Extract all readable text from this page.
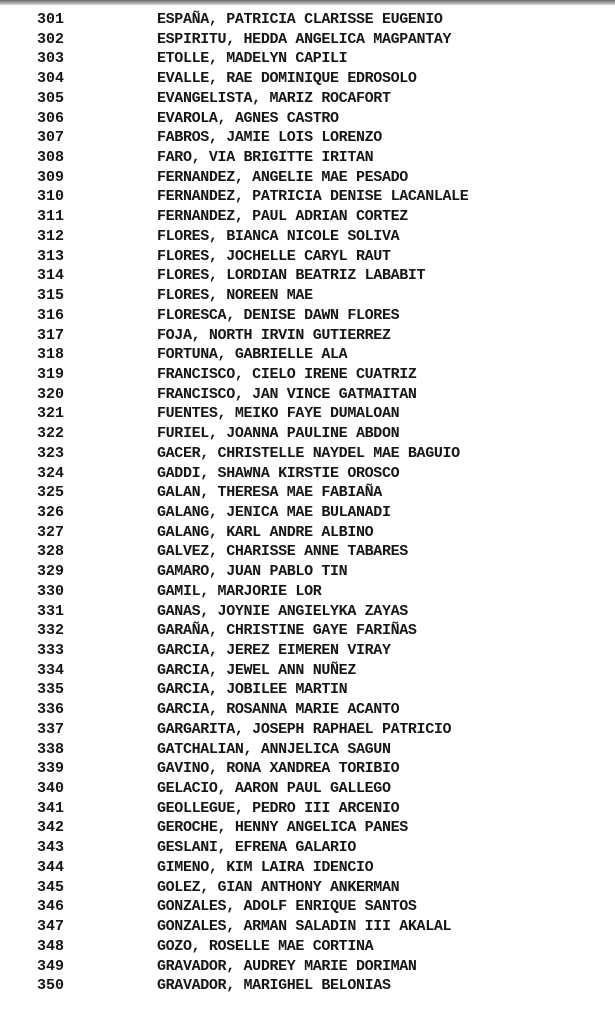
301	ESPAÑA, PATRICIA CLARISSE EUGENIO
302	ESPIRITU, HEDDA ANGELICA MAGPANTAY
303	ETOLLE, MADELYN CAPILI
304	EVALLE, RAE DOMINIQUE EDROSOLO
305	EVANGELISTA, MARIZ ROCAFORT
306	EVAROLA, AGNES CASTRO
307	FABROS, JAMIE LOIS LORENZO
308	FARO, VIA BRIGITTE IRITAN
309	FERNANDEZ, ANGELIE MAE PESADO
310	FERNANDEZ, PATRICIA DENISE LACANLALE
311	FERNANDEZ, PAUL ADRIAN CORTEZ
312	FLORES, BIANCA NICOLE SOLIVA
313	FLORES, JOCHELLE CARYL RAUT
314	FLORES, LORDIAN BEATRIZ LABABIT
315	FLORES, NOREEN MAE
316	FLORESCA, DENISE DAWN FLORES
317	FOJA, NORTH IRVIN GUTIERREZ
318	FORTUNA, GABRIELLE ALA
319	FRANCISCO, CIELO IRENE CUATRIZ
320	FRANCISCO, JAN VINCE GATMAITAN
321	FUENTES, MEIKO FAYE DUMALOAN
322	FURIEL, JOANNA PAULINE ABDON
323	GACER, CHRISTELLE NAYDEL MAE BAGUIO
324	GADDI, SHAWNA KIRSTIE OROSCO
325	GALAN, THERESA MAE FABIAÑA
326	GALANG, JENICA MAE BULANADI
327	GALANG, KARL ANDRE ALBINO
328	GALVEZ, CHARISSE ANNE TABARES
329	GAMARO, JUAN PABLO TIN
330	GAMIL, MARJORIE LOR
331	GANAS, JOYNIE ANGIELYKA ZAYAS
332	GARAÑA, CHRISTINE GAYE FARIÑAS
333	GARCIA, JEREZ EIMEREN VIRAY
334	GARCIA, JEWEL ANN NUÑEZ
335	GARCIA, JOBILEE MARTIN
336	GARCIA, ROSANNA MARIE ACANTO
337	GARGARITA, JOSEPH RAPHAEL PATRICIO
338	GATCHALIAN, ANNJELICA SAGUN
339	GAVINO, RONA XANDREA TORIBIO
340	GELACIO, AARON PAUL GALLEGO
341	GEOLLEGUE, PEDRO III ARCENIO
342	GEROCHE, HENNY ANGELICA PANES
343	GESLANI, EFRENA GALARIO
344	GIMENO, KIM LAIRA IDENCIO
345	GOLEZ, GIAN ANTHONY ANKERMAN
346	GONZALES, ADOLF ENRIQUE SANTOS
347	GONZALES, ARMAN SALADIN III AKALAL
348	GOZO, ROSELLE MAE CORTINA
349	GRAVADOR, AUDREY MARIE DORIMAN
350	GRAVADOR, MARIGHEL BELONIAS
